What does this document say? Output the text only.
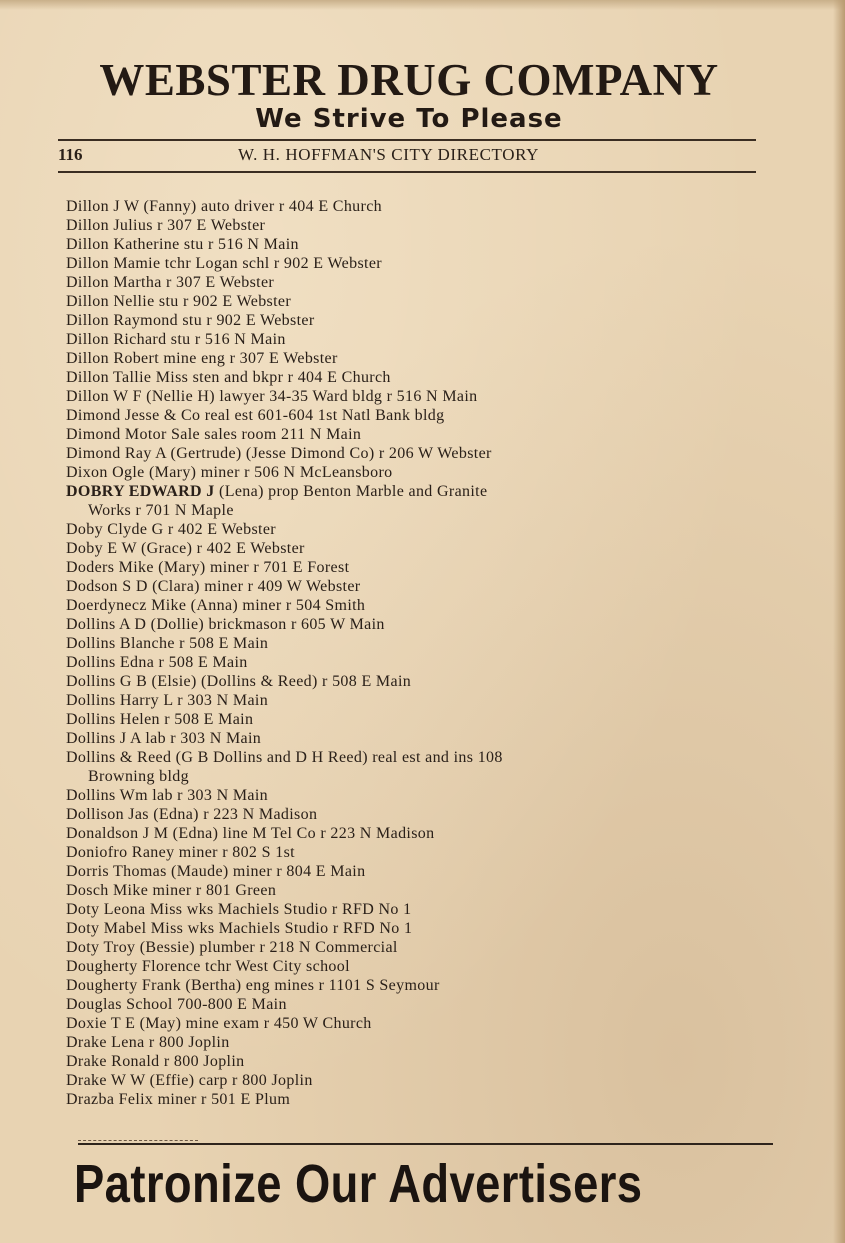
WEBSTER DRUG COMPANY
We Strive To Please
116	W. H. HOFFMAN'S CITY DIRECTORY
Dillon J W (Fanny) auto driver r 404 E Church
Dillon Julius r 307 E Webster
Dillon Katherine stu r 516 N Main
Dillon Mamie tchr Logan schl r 902 E Webster
Dillon Martha r 307 E Webster
Dillon Nellie stu r 902 E Webster
Dillon Raymond stu r 902 E Webster
Dillon Richard stu r 516 N Main
Dillon Robert mine eng r 307 E Webster
Dillon Tallie Miss sten and bkpr r 404 E Church
Dillon W F (Nellie H) lawyer 34-35 Ward bldg r 516 N Main
Dimond Jesse & Co real est 601-604 1st Natl Bank bldg
Dimond Motor Sale sales room 211 N Main
Dimond Ray A (Gertrude) (Jesse Dimond Co) r 206 W Webster
Dixon Ogle (Mary) miner r 506 N McLeansboro
DOBRY EDWARD J (Lena) prop Benton Marble and Granite
Works r 701 N Maple
Doby Clyde G r 402 E Webster
Doby E W (Grace) r 402 E Webster
Doders Mike (Mary) miner r 701 E Forest
Dodson S D (Clara) miner r 409 W Webster
Doerdynecz Mike (Anna) miner r 504 Smith
Dollins A D (Dollie) brickmason r 605 W Main
Dollins Blanche r 508 E Main
Dollins Edna r 508 E Main
Dollins G B (Elsie) (Dollins & Reed) r 508 E Main
Dollins Harry L r 303 N Main
Dollins Helen r 508 E Main
Dollins J A lab r 303 N Main
Dollins & Reed (G B Dollins and D H Reed) real est and ins 108
Browning bldg
Dollins Wm lab r 303 N Main
Dollison Jas (Edna) r 223 N Madison
Donaldson J M (Edna) line M Tel Co r 223 N Madison
Doniofro Raney miner r 802 S 1st
Dorris Thomas (Maude) miner r 804 E Main
Dosch Mike miner r 801 Green
Doty Leona Miss wks Machiels Studio r RFD No 1
Doty Mabel Miss wks Machiels Studio r RFD No 1
Doty Troy (Bessie) plumber r 218 N Commercial
Dougherty Florence tchr West City school
Dougherty Frank (Bertha) eng mines r 1101 S Seymour
Douglas School 700-800 E Main
Doxie T E (May) mine exam r 450 W Church
Drake Lena r 800 Joplin
Drake Ronald r 800 Joplin
Drake W W (Effie) carp r 800 Joplin
Drazba Felix miner r 501 E Plum
Patronize Our Advertisers
